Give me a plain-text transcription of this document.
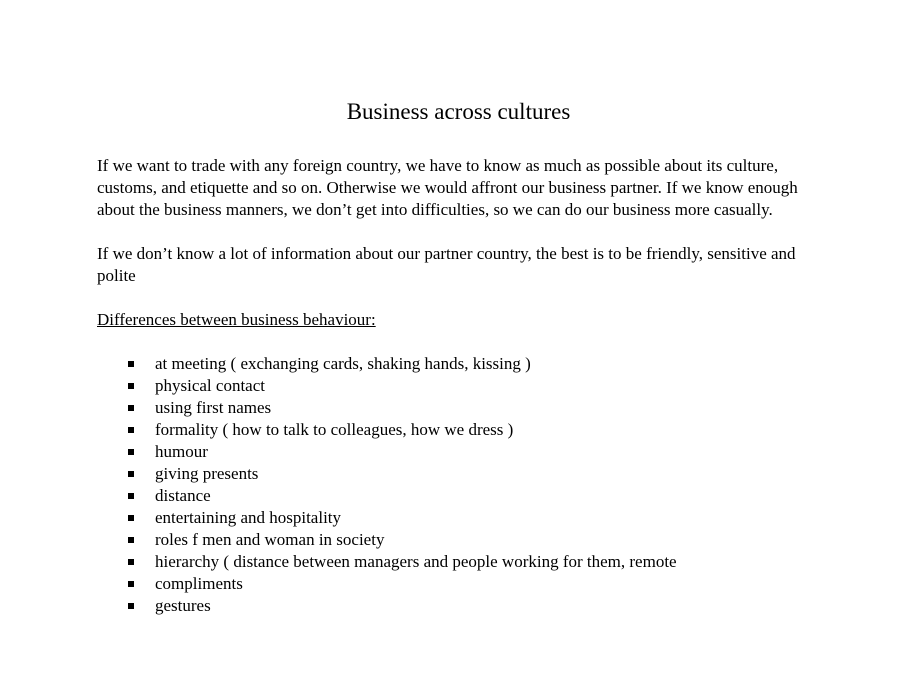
Business across cultures

If we want to trade with any foreign country, we have to know as much as possible about its culture, customs, and etiquette and so on. Otherwise we would affront our business partner. If we know enough about the business manners, we don’t get into difficulties, so we can do our business more casually.

If we don’t know a lot of information about our partner country, the best is to be friendly, sensitive and polite

Differences between business behaviour:

at meeting ( exchanging cards, shaking hands, kissing )
physical contact
using first names
formality ( how to talk to colleagues, how we dress )
humour
giving presents
distance
entertaining and hospitality
roles f men and woman in society
hierarchy ( distance between managers and people working for them, remote
compliments
gestures
